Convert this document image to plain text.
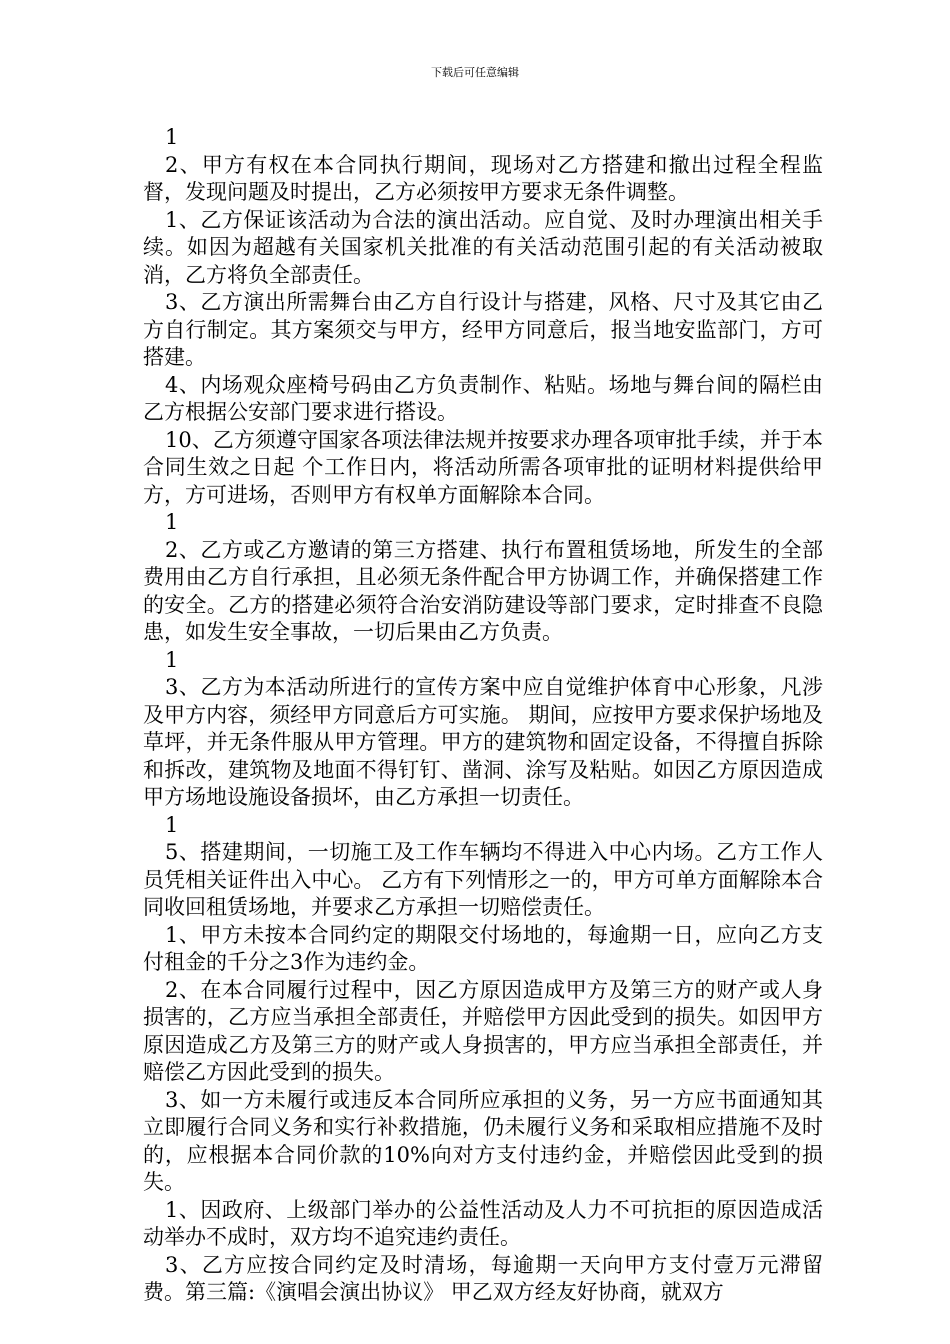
下载后可任意编辑

1

2、甲方有权在本合同执行期间，现场对乙方搭建和撤出过程全程监督，发现问题及时提出，乙方必须按甲方要求无条件调整。

1、乙方保证该活动为合法的演出活动。应自觉、及时办理演出相关手续。如因为超越有关国家机关批准的有关活动范围引起的有关活动被取消，乙方将负全部责任。

3、乙方演出所需舞台由乙方自行设计与搭建，风格、尺寸及其它由乙方自行制定。其方案须交与甲方，经甲方同意后，报当地安监部门，方可搭建。

4、内场观众座椅号码由乙方负责制作、粘贴。场地与舞台间的隔栏由乙方根据公安部门要求进行搭设。

10、乙方须遵守国家各项法律法规并按要求办理各项审批手续，并于本合同生效之日起 个工作日内，将活动所需各项审批的证明材料提供给甲方，方可进场，否则甲方有权单方面解除本合同。

1

2、乙方或乙方邀请的第三方搭建、执行布置租赁场地，所发生的全部费用由乙方自行承担，且必须无条件配合甲方协调工作，并确保搭建工作的安全。乙方的搭建必须符合治安消防建设等部门要求，定时排查不良隐患，如发生安全事故，一切后果由乙方负责。

1

3、乙方为本活动所进行的宣传方案中应自觉维护体育中心形象，凡涉及甲方内容，须经甲方同意后方可实施。 期间，应按甲方要求保护场地及草坪，并无条件服从甲方管理。甲方的建筑物和固定设备，不得擅自拆除和拆改，建筑物及地面不得钉钉、凿洞、涂写及粘贴。如因乙方原因造成甲方场地设施设备损坏，由乙方承担一切责任。

1

5、搭建期间，一切施工及工作车辆均不得进入中心内场。乙方工作人员凭相关证件出入中心。 乙方有下列情形之一的，甲方可单方面解除本合同收回租赁场地，并要求乙方承担一切赔偿责任。

1、甲方未按本合同约定的期限交付场地的，每逾期一日，应向乙方支付租金的千分之3作为违约金。

2、在本合同履行过程中，因乙方原因造成甲方及第三方的财产或人身损害的，乙方应当承担全部责任，并赔偿甲方因此受到的损失。如因甲方原因造成乙方及第三方的财产或人身损害的，甲方应当承担全部责任，并赔偿乙方因此受到的损失。

3、如一方未履行或违反本合同所应承担的义务，另一方应书面通知其立即履行合同义务和实行补救措施，仍未履行义务和采取相应措施不及时的，应根据本合同价款的10%向对方支付违约金，并赔偿因此受到的损失。

1、因政府、上级部门举办的公益性活动及人力不可抗拒的原因造成活动举办不成时，双方均不追究违约责任。

3、乙方应按合同约定及时清场，每逾期一天向甲方支付壹万元滞留费。第三篇:《演唱会演出协议》 甲乙双方经友好协商，就双方
